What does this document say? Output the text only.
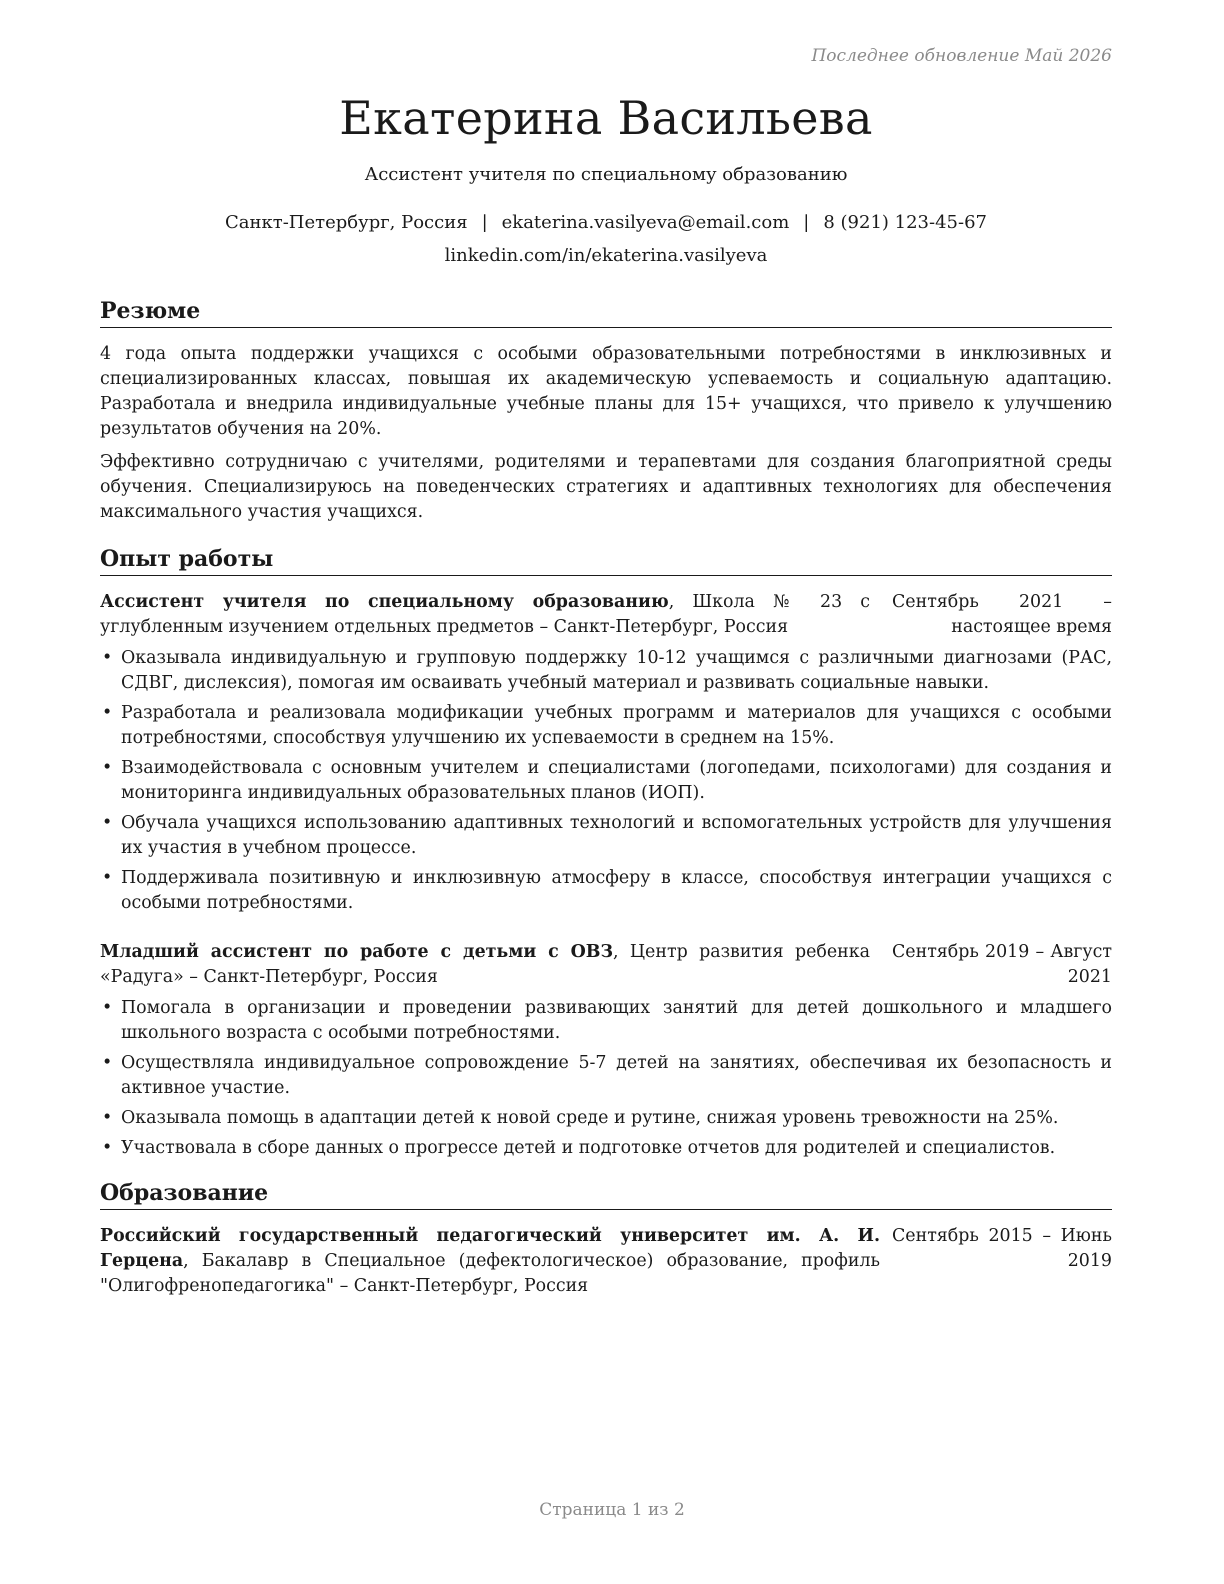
Последнее обновление Май 2026
Екатерина Васильева
Ассистент учителя по специальному образованию
Санкт-Петербург, Россия | ekaterina.vasilyeva@email.com | 8 (921) 123-45-67
linkedin.com/in/ekaterina.vasilyeva
Резюме

4 года опыта поддержки учащихся с особыми образовательными потребностями в инклюзивных и специализированных классах, повышая их академическую успеваемость и социальную адаптацию. Разработала и внедрила индивидуальные учебные планы для 15+ учащихся, что привело к улучшению результатов обучения на 20%.

Эффективно сотрудничаю с учителями, родителями и терапевтами для создания благоприятной среды обучения. Специализируюсь на поведенческих стратегиях и адаптивных технологиях для обеспечения максимального участия учащихся.

Опыт работы
Ассистент учителя по специальному образованию, Школа № 23 с углубленным изучением отдельных предметов – Санкт-Петербург, Россия
Сентябрь 2021 – настоящее время
• Оказывала индивидуальную и групповую поддержку 10-12 учащимся с различными диагнозами (РАС, СДВГ, дислексия), помогая им осваивать учебный материал и развивать социальные навыки.
• Разработала и реализовала модификации учебных программ и материалов для учащихся с особыми потребностями, способствуя улучшению их успеваемости в среднем на 15%.
• Взаимодействовала с основным учителем и специалистами (логопедами, психологами) для создания и мониторинга индивидуальных образовательных планов (ИОП).
• Обучала учащихся использованию адаптивных технологий и вспомогательных устройств для улучшения их участия в учебном процессе.
• Поддерживала позитивную и инклюзивную атмосферу в классе, способствуя интеграции учащихся с особыми потребностями.
Младший ассистент по работе с детьми с ОВЗ, Центр развития ребенка «Радуга» – Санкт-Петербург, Россия
Сентябрь 2019 – Август 2021
• Помогала в организации и проведении развивающих занятий для детей дошкольного и младшего школьного возраста с особыми потребностями.
• Осуществляла индивидуальное сопровождение 5-7 детей на занятиях, обеспечивая их безопасность и активное участие.
• Оказывала помощь в адаптации детей к новой среде и рутине, снижая уровень тревожности на 25%.
• Участвовала в сборе данных о прогрессе детей и подготовке отчетов для родителей и специалистов.
Образование
Российский государственный педагогический университет им. А. И. Герцена, Бакалавр в Специальное (дефектологическое) образование, профиль "Олигофренопедагогика" – Санкт-Петербург, Россия
Сентябрь 2015 – Июнь 2019
Страница 1 из 2
